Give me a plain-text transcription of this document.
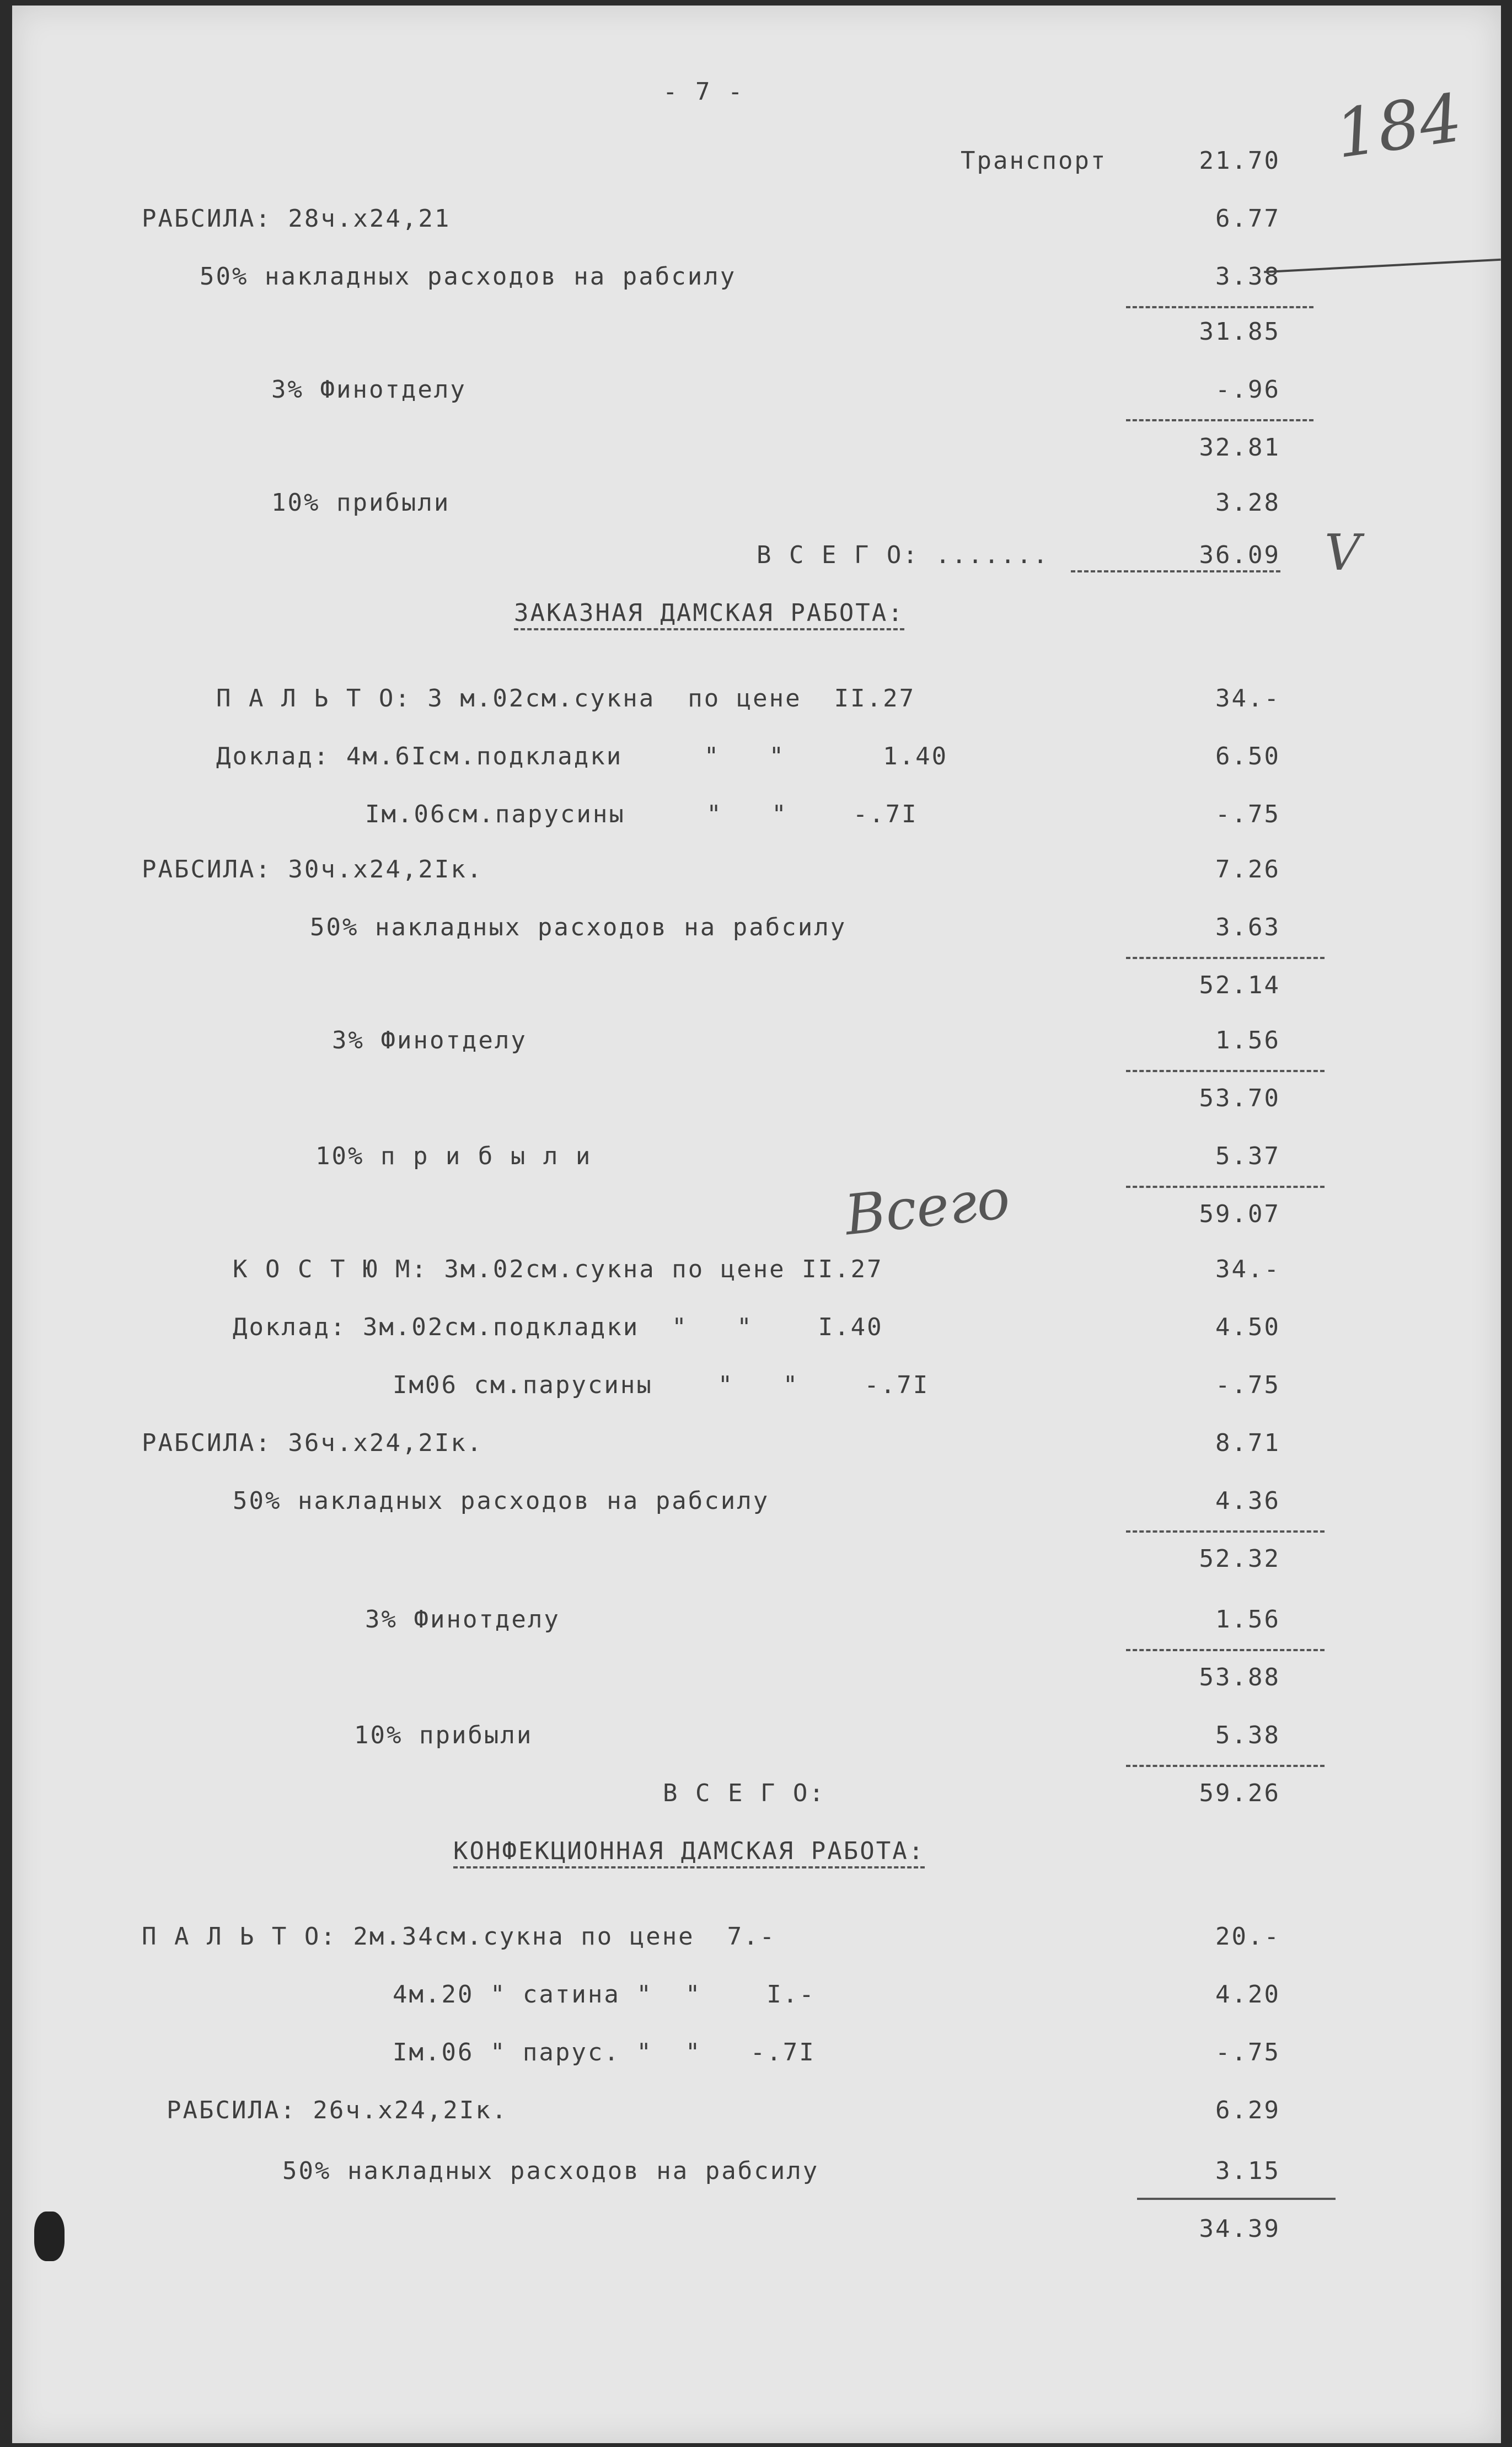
- 7 -	184
Транспорт	21.70
РАБСИЛА: 28ч.х24,21	6.77
50% накладных расходов на рабсилу	3.38
31.85
3% Финотделу	-.96
32.81
10% прибыли	3.28
В С Е Г О: .......	36.09 V
ЗАКАЗНАЯ ДАМСКАЯ РАБОТА:
П А Л Ь Т О: 3 м.02см.сукна  по цене  II.27	34.-
Доклад: 4м.6Iсм.подкладки     "   "      1.40	6.50
Iм.06см.парусины     "   "    -.7I	-.75
РАБСИЛА: 30ч.х24,2Iк.	7.26
50% накладных расходов на рабсилу	3.63
52.14
3% Финотделу	1.56
53.70
10% п р и б ы л и	5.37
Всего	59.07
К О С Т Ю М: 3м.02см.сукна по цене II.27	34.-
Доклад: 3м.02см.подкладки  "   "    I.40	4.50
Iм06 см.парусины    "   "    -.7I	-.75
РАБСИЛА: 36ч.х24,2Iк.	8.71
50% накладных расходов на рабсилу	4.36
52.32
3% Финотделу	1.56
53.88
10% прибыли	5.38
В С Е Г О:	59.26
КОНФЕКЦИОННАЯ ДАМСКАЯ РАБОТА:
П А Л Ь Т О: 2м.34см.сукна по цене  7.-	20.-
4м.20 " сатина "  "    I.-	4.20
Iм.06 " парус. "  "   -.7I	-.75
РАБСИЛА: 26ч.х24,2Iк.	6.29
50% накладных расходов на рабсилу	3.15
34.39
